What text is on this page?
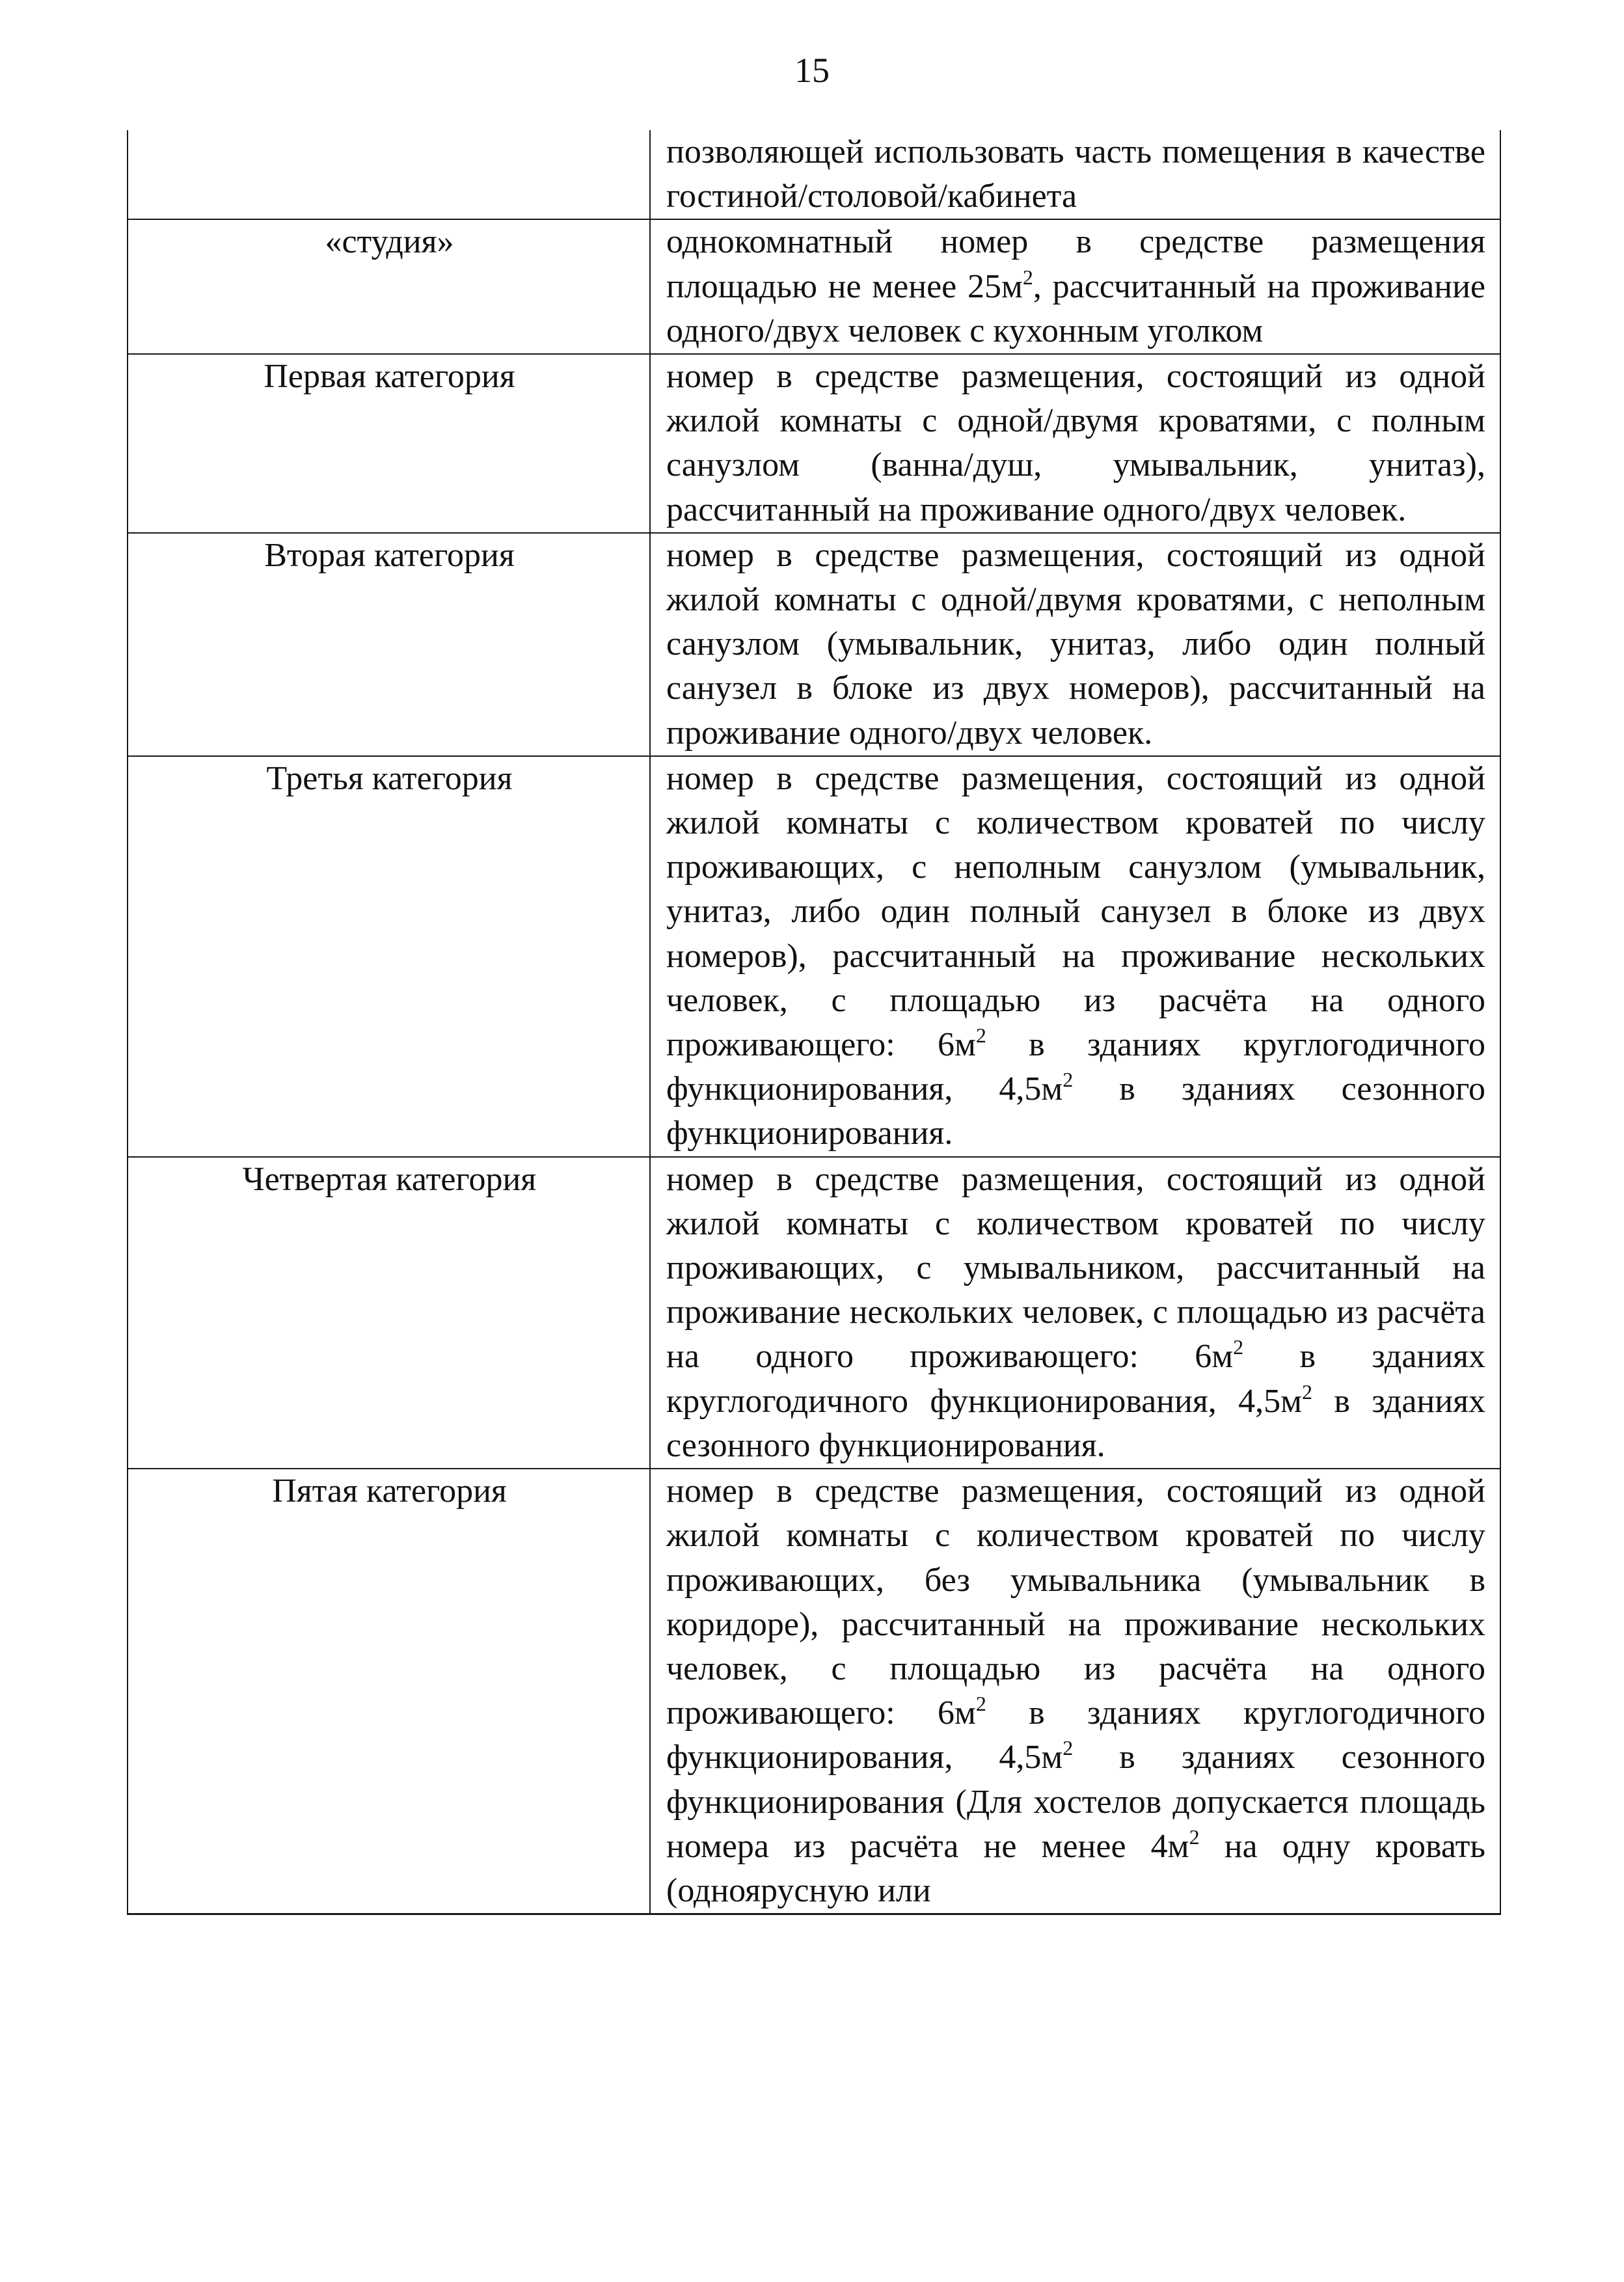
15
	позволяющей использовать часть помещения в качестве гостиной/столовой/кабинета
«студия»	однокомнатный номер в средстве размещения площадью не менее $25м^2$, рассчитанный на проживание одного/двух человек с кухонным уголком
Первая категория	номер в средстве размещения, состоящий из одной жилой комнаты с одной/двумя кроватями, с полным санузлом (ванна/душ, умывальник, унитаз), рассчитанный на проживание одного/двух человек.
Вторая категория	номер в средстве размещения, состоящий из одной жилой комнаты с одной/двумя кроватями, с неполным санузлом (умывальник, унитаз, либо один полный санузел в блоке из двух номеров), рассчитанный на проживание одного/двух человек.
Третья категория	номер в средстве размещения, состоящий из одной жилой комнаты с количеством кроватей по числу проживающих, с неполным санузлом (умывальник, унитаз, либо один полный санузел в блоке из двух номеров), рассчитанный на проживание нескольких человек, с площадью из расчёта на одного проживающего: $6м^2$ в зданиях круглогодичного функционирования, $4,5м^2$ в зданиях сезонного функционирования.
Четвертая категория	номер в средстве размещения, состоящий из одной жилой комнаты с количеством кроватей по числу проживающих, с умывальником, рассчитанный на проживание нескольких человек, с площадью из расчёта на одного проживающего: $6м^2$ в зданиях круглогодичного функционирования, $4,5м^2$ в зданиях сезонного функционирования.
Пятая категория	номер в средстве размещения, состоящий из одной жилой комнаты с количеством кроватей по числу проживающих, без умывальника (умывальник в коридоре), рассчитанный на проживание нескольких человек, с площадью из расчёта на одного проживающего: $6м^2$ в зданиях круглогодичного функционирования, $4,5м^2$ в зданиях сезонного функционирования (Для хостелов допускается площадь номера из расчёта не менее $4м^2$ на одну кровать (одноярусную или
